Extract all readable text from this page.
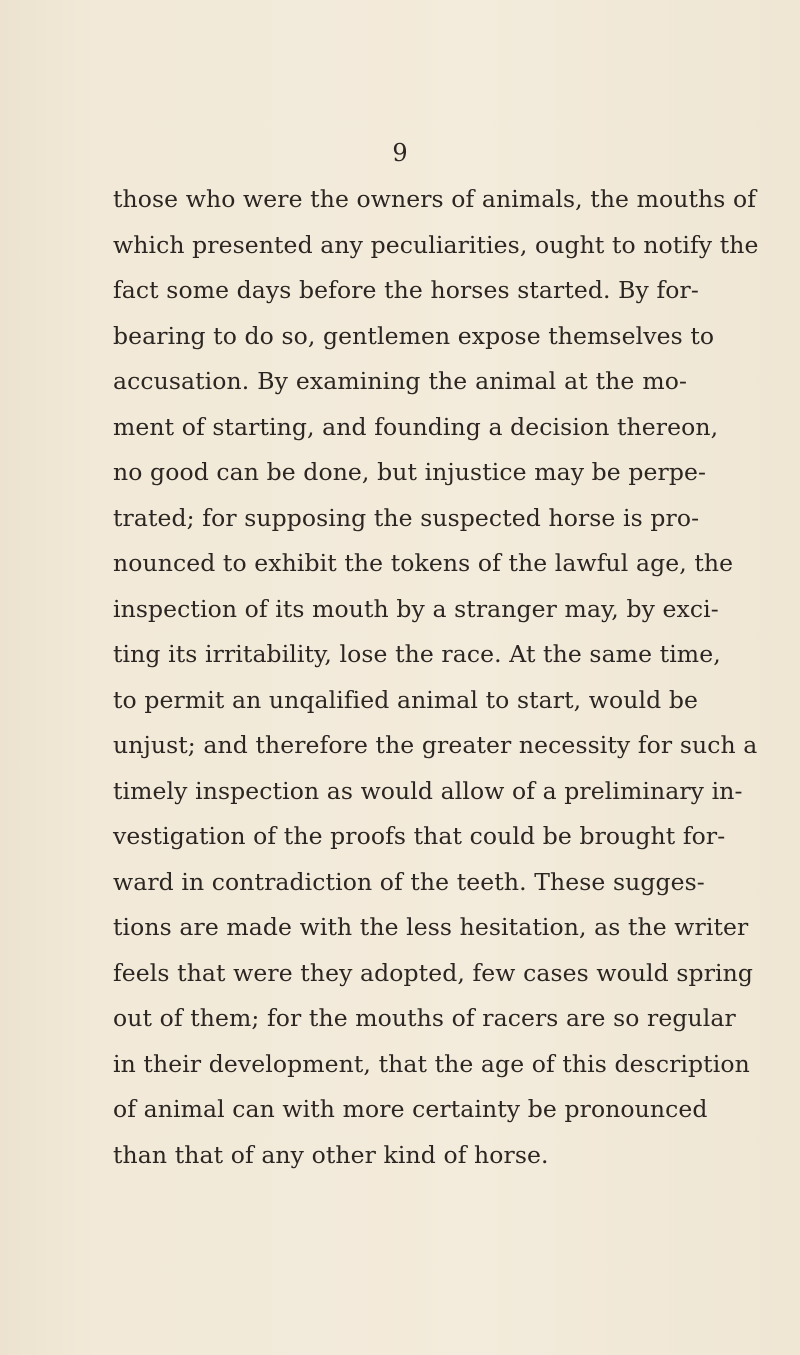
9
those who were the owners of animals, the mouths of
which presented any peculiarities, ought to notify the
fact some days before the horses started. By for-
bearing to do so, gentlemen expose themselves to
accusation. By examining the animal at the mo-
ment of starting, and founding a decision thereon,
no good can be done, but injustice may be perpe-
trated; for supposing the suspected horse is pro-
nounced to exhibit the tokens of the lawful age, the
inspection of its mouth by a stranger may, by exci-
ting its irritability, lose the race. At the same time,
to permit an unqalified animal to start, would be
unjust; and therefore the greater necessity for such a
timely inspection as would allow of a preliminary in-
vestigation of the proofs that could be brought for-
ward in contradiction of the teeth. These sugges-
tions are made with the less hesitation, as the writer
feels that were they adopted, few cases would spring
out of them; for the mouths of racers are so regular
in their development, that the age of this description
of animal can with more certainty be pronounced
than that of any other kind of horse.
